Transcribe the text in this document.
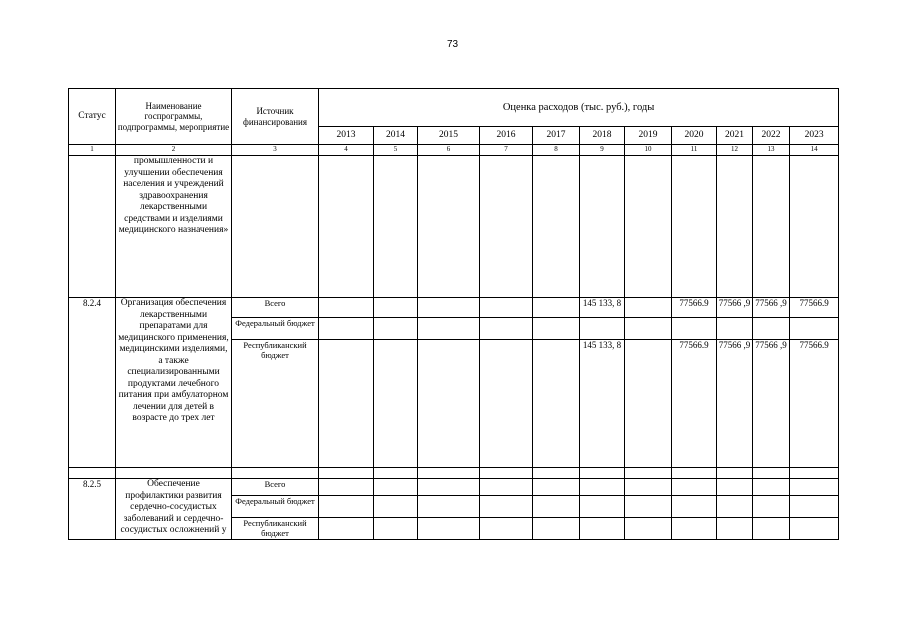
73
Статус	Наименование госпрограммы, подпрограммы, мероприятие	Источник финансирования	Оценка расходов (тыс. руб.), годы										
			2013	2014	2015	2016	2017	2018	2019	2020	2021	2022	2023
1	2	3	4	5	6	7	8	9	10	11	12	13	14
	промышленности и улучшении обеспечения населения и учреждений здравоохранения лекарственными средствами и изделиями медицинского назначения»												
8.2.4	Организация обеспечения лекарственными препаратами для медицинского применения, медицинскими изделиями, а также специализированными продуктами лечебного питания при амбулаторном лечении для детей в возрасте до трех лет	Всего						145 133, 8		77566.9	77566 ,9	77566 ,9	77566.9
		Федеральный бюджет											
		Республиканский бюджет						145 133, 8		77566.9	77566 ,9	77566 ,9	77566.9

8.2.5	Обеспечение профилактики развития сердечно-сосудистых заболеваний и сердечно-сосудистых осложнений у	Всего											
		Федеральный бюджет											
		Республиканский бюджет											
